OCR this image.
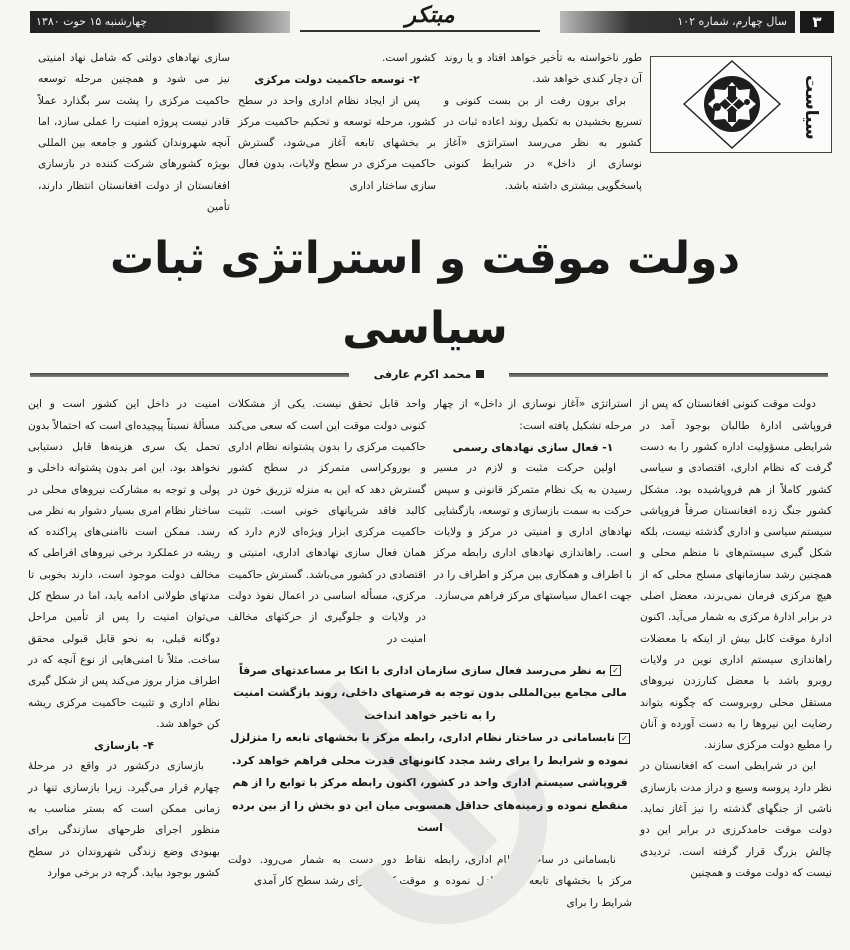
۳
سال چهارم، شماره ۱۰۲
چهارشنبه ۱۵ حوت ۱۳۸۰	مبتکر
سیاست

طور ناخواسته به تأخیر خواهد افتاد و یا روند آن دچار کندی خواهد شد.

برای برون رفت از بن بست کنونی و تسریع بخشیدن به تکمیل روند اعاده ثبات در کشور به نظر می‌رسد استراتژی «آغاز نوسازی از داخل» در شرایط کنونی پاسخگویی بیشتری داشته باشد.

کشور است.

۲- توسعه حاکمیت دولت مرکزی

پس از ایجاد نظام اداری واحد در سطح کشور، مرحله توسعه و تحکیم حاکمیت مرکز بر بخشهای تابعه آغاز می‌شود، گسترش حاکمیت مرکزی در سطح ولایات، بدون فعال سازی ساختار اداری

سازی نهادهای دولتی که شامل نهاد امنیتی نیز می شود و همچنین مرحله توسعه حاکمیت مرکزی را پشت سر بگذارد عملاً قادر نیست پروژه امنیت را عملی سازد، اما آنچه شهروندان کشور و جامعه بین المللی بویژه کشورهای شرکت کننده در بازسازی افغانستان از دولت افغانستان انتظار دارند، تأمین

دولت موقت و استراتژی ثبات سیاسی
محمد اکرم عارفی

دولت موقت کنونی افغانستان که پس از فروپاشی ادارهٔ طالبان بوجود آمد در شرایطی مسؤولیت اداره کشور را به دست گرفت که نظام اداری، اقتصادی و سیاسی کشور کاملاً از هم فروپاشیده بود. مشکل کشور جنگ زده افغانستان صرفاً فروپاشی سیستم سیاسی و اداری گذشته نیست، بلکه شکل گیری سیستم‌های نا منظم محلی و همچنین رشد سازمانهای مسلح محلی که از هیچ مرکزی فرمان نمی‌برند، معضل اصلی در برابر ادارهٔ مرکزی به شمار می‌آید. اکنون ادارهٔ موقت کابل بیش از اینکه با معضلات راهاندازی سیستم اداری نوین در ولایات روبرو باشد با معضل کنارزدن نیروهای مستقل محلی روبروست که چگونه بتواند رضایت این نیروها را به دست آورده و آنان را مطیع دولت مرکزی سازند.

این در شرایطی است که افغانستان در نظر دارد پروسه وسیع و دراز مدت بازسازی ناشی از جنگهای گذشته را نیز آغاز نماید. دولت موقت حامدکرزی در برابر این دو چالش بزرگ قرار گرفته است. تردیدی نیست که دولت موقت و همچنین

استراتژی «آغاز نوسازی از داخل» از چهار مرحله تشکیل یافته است:

۱- فعال سازی نهادهای رسمی

اولین حرکت مثبت و لازم در مسیر رسیدن به یک نظام متمرکز قانونی و سپس حرکت به سمت بازسازی و توسعه، بازگشایی نهادهای اداری و امنیتی در مرکز و ولایات است. راهاندازی نهادهای اداری رابطه مرکز با اطراف و همکاری بین مرکز و اطراف را در جهت اعمال سیاستهای مرکز فراهم می‌سازد.

واحد قابل تحقق نیست. یکی از مشکلات کنونی دولت موقت این است که سعی می‌کند حاکمیت مرکزی را بدون پشتوانه نظام اداری و بوروکراسی متمرکز در سطح کشور گسترش دهد که این به منزله تزریق خون در کالبد فاقد شریانهای خونی است. تثبیت حاکمیت مرکزی ابزار ویژه‌ای لازم دارد که همان فعال سازی نهادهای اداری، امنیتی و اقتصادی در کشور می‌باشد. گسترش حاکمیت مرکزی، مسأله اساسی در اعمال نفوذ دولت در ولایات و جلوگیری از حرکتهای مخالف امنیت در

✓به نظر می‌رسد فعال سازی سازمان اداری با اتکا بر مساعدتهای صرفاً مالی مجامع بین‌المللی بدون توجه به فرصتهای داخلی، روند بازگشت امنیت را به تاخیر خواهد انداخت
✓نابسامانی در ساختار نظام اداری، رابطه مرکز با بخشهای تابعه را متزلزل نموده و شرایط را برای رشد مجدد کانونهای قدرت محلی فراهم خواهد کرد. فروپاشی سیستم اداری واحد در کشور، اکنون رابطه مرکز با توابع را از هم منقطع نموده و زمینه‌های حداقل همسویی میان این دو بخش را از بین برده است

نابسامانی در ساختار نظام اداری، رابطه مرکز با بخشهای تابعه را متزلزل نموده و شرایط را برای

نقاط دور دست به شمار می‌رود. دولت موقت کنونی برای رشد سطح کار آمدی

امنیت در داخل این کشور است و این مسألهٔ نسبتاً پیچیده‌ای است که احتمالاً بدون تحمل یک سری هزینه‌ها قابل دستیابی نخواهد بود. این امر بدون پشتوانه داخلی و پولی و توجه به مشارکت نیروهای محلی در ساختار نظام امری بسیار دشوار به نظر می رسد. ممکن است ناامنی‌های پراکنده که ریشه در عملکرد برخی نیروهای افراطی که مخالف دولت موجود است، دارند بخوبی تا مدتهای طولانی ادامه یابد، اما در سطح کل می‌توان امنیت را پس از تأمین مراحل دوگانه قبلی، به نحو قابل قبولی محقق ساخت. مثلاً نا امنی‌هایی از نوع آنچه که در اطراف مزار بروز می‌کند پس از شکل گیری نظام اداری و تثبیت حاکمیت مرکزی ریشه کن خواهد شد.

۴- بازسازی

بازسازی درکشور در واقع در مرحلهٔ چهارم قرار می‌گیرد. زیرا بازسازی تنها در زمانی ممکن است که بستر مناسب به منظور اجرای طرحهای سازندگی برای بهبودی وضع زندگی شهروندان در سطح کشور بوجود بیاید. گرچه در برخی موارد
